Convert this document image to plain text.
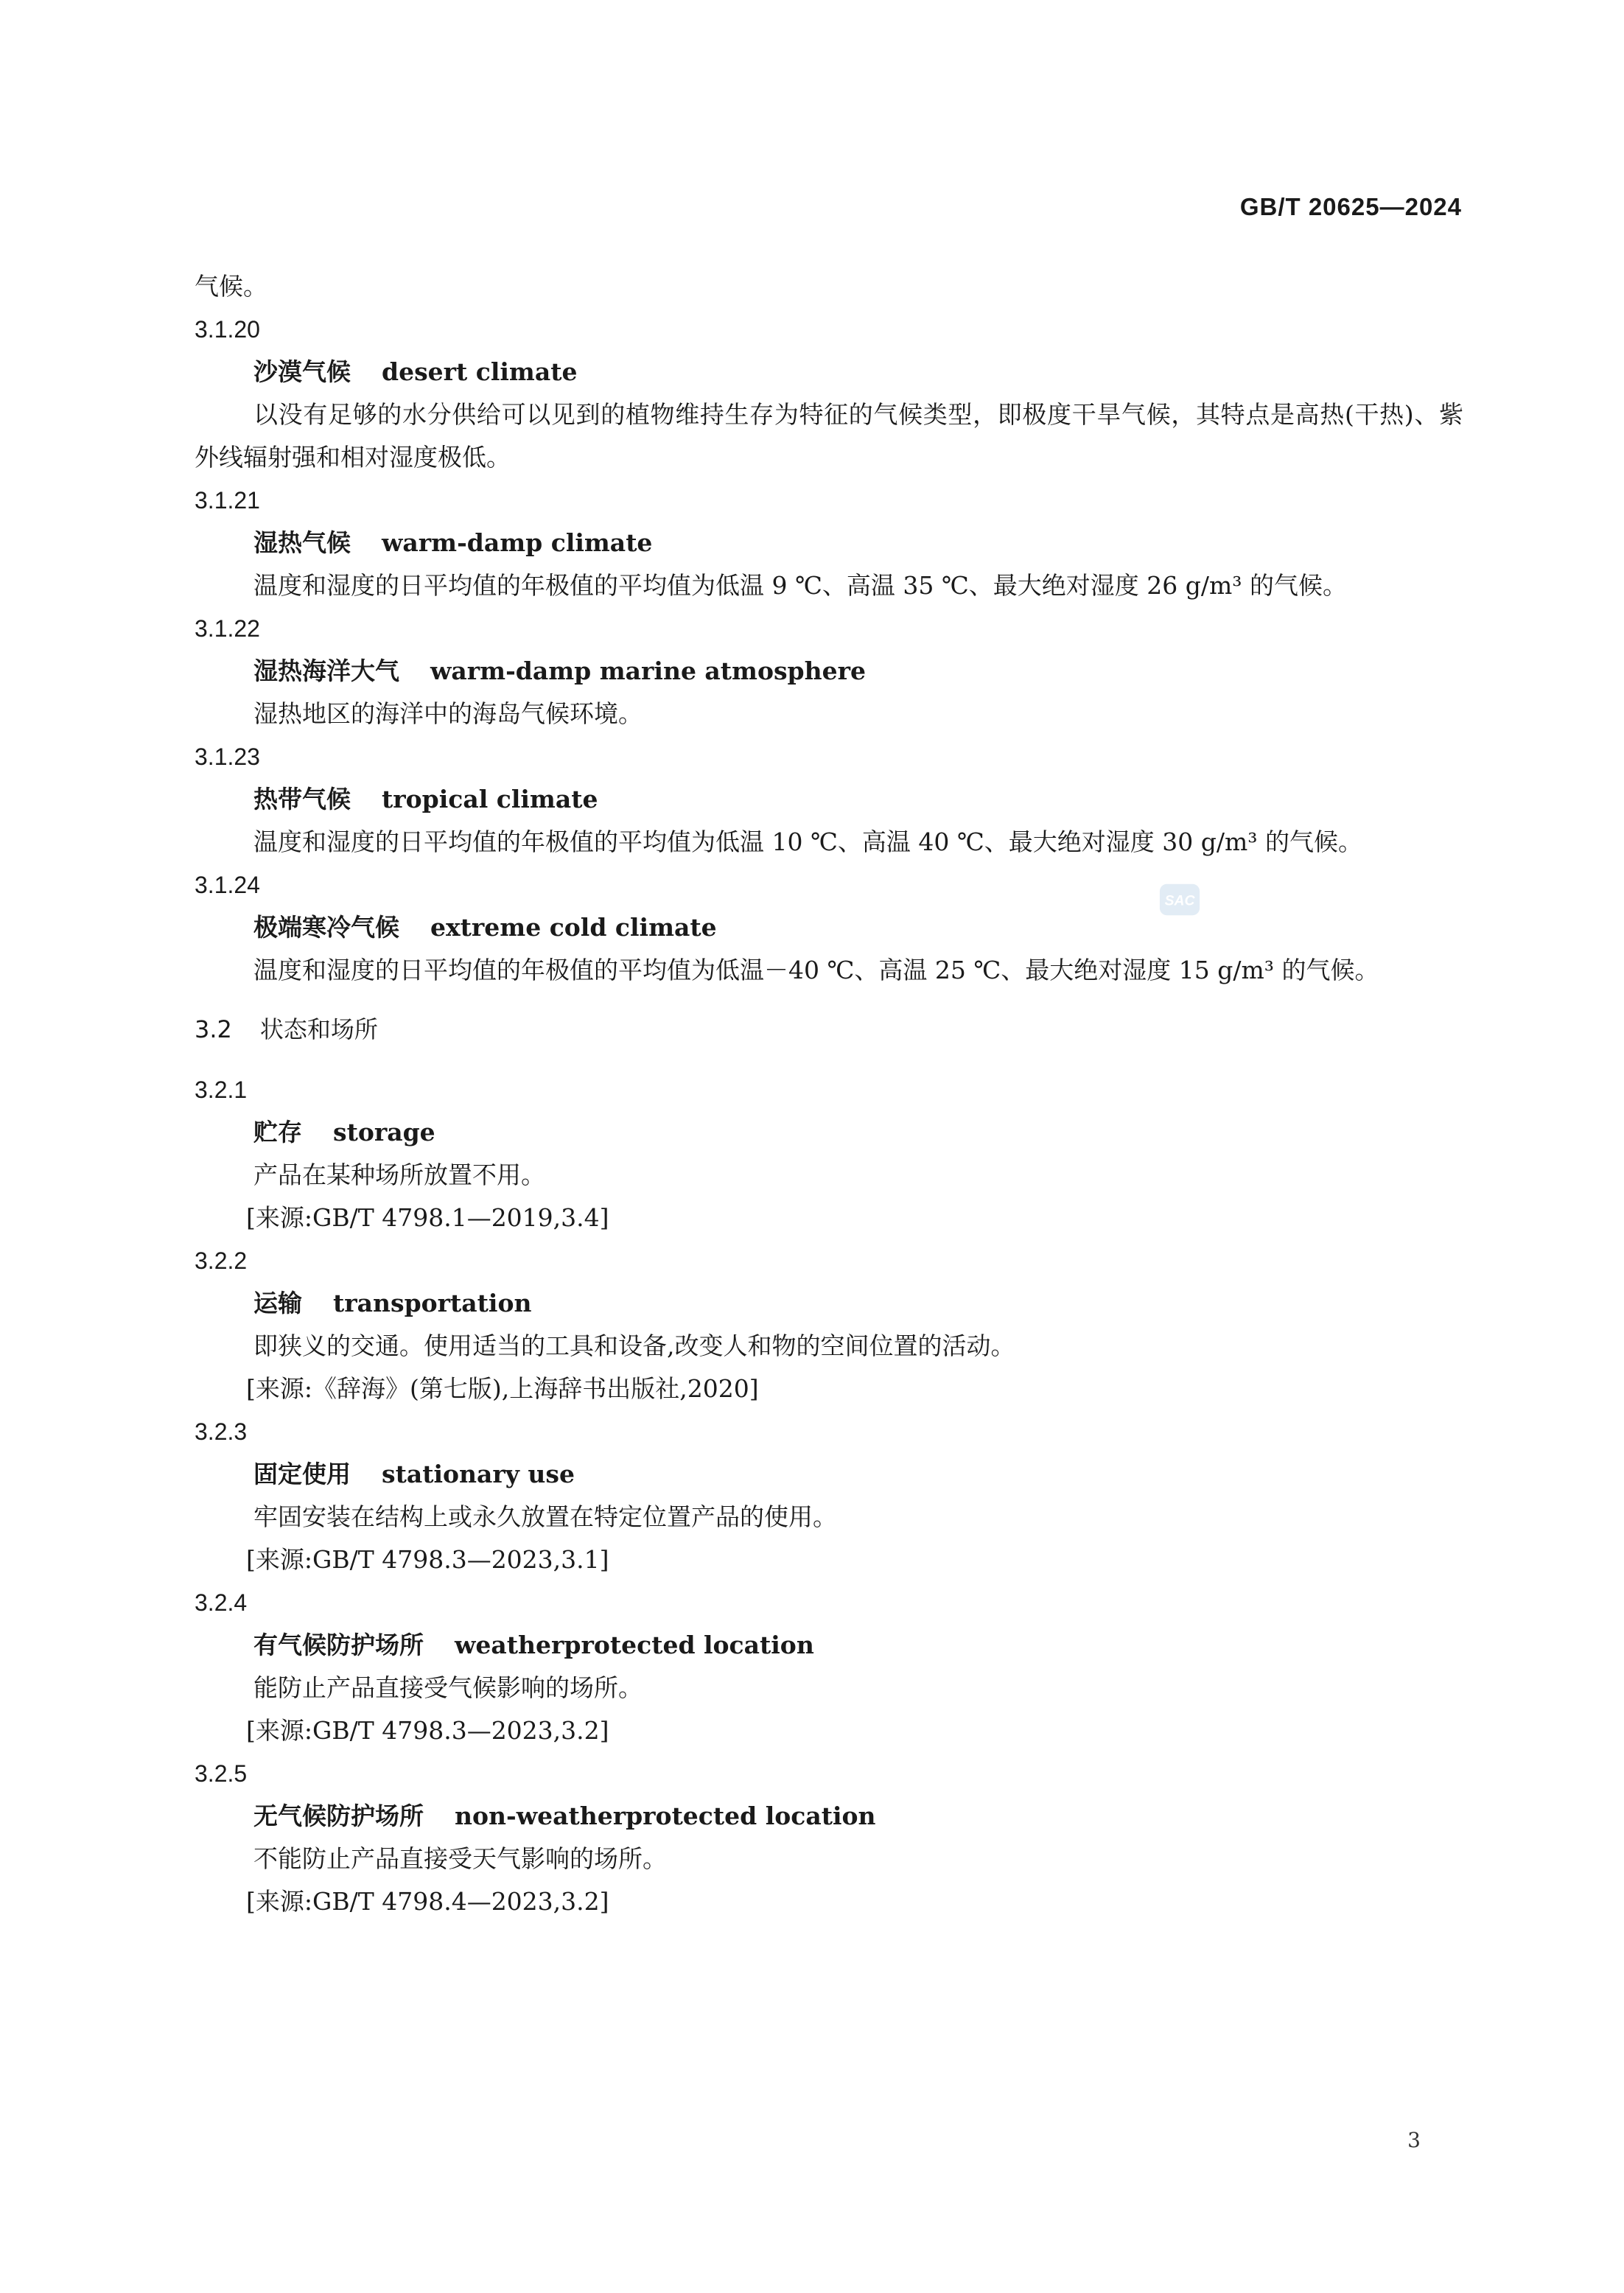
GB/T 20625—2024
气候。
3.1.20
沙漠气候 desert climate
以没有足够的水分供给可以见到的植物维持生存为特征的气候类型，即极度干旱气候，其特点是高热(干热)、紫外线辐射强和相对湿度极低。
3.1.21
湿热气候 warm-damp climate
温度和湿度的日平均值的年极值的平均值为低温 9 ℃、高温 35 ℃、最大绝对湿度 26 g/m³ 的气候。
3.1.22
湿热海洋大气 warm-damp marine atmosphere
湿热地区的海洋中的海岛气候环境。
3.1.23
热带气候 tropical climate
温度和湿度的日平均值的年极值的平均值为低温 10 ℃、高温 40 ℃、最大绝对湿度 30 g/m³ 的气候。
3.1.24
极端寒冷气候 extreme cold climate
温度和湿度的日平均值的年极值的平均值为低温－40 ℃、高温 25 ℃、最大绝对湿度 15 g/m³ 的气候。
3.2 状态和场所
3.2.1
贮存 storage
产品在某种场所放置不用。
[来源:GB/T 4798.1—2019,3.4]
3.2.2
运输 transportation
即狭义的交通。使用适当的工具和设备,改变人和物的空间位置的活动。
[来源:《辞海》(第七版),上海辞书出版社,2020]
3.2.3
固定使用 stationary use
牢固安装在结构上或永久放置在特定位置产品的使用。
[来源:GB/T 4798.3—2023,3.1]
3.2.4
有气候防护场所 weatherprotected location
能防止产品直接受气候影响的场所。
[来源:GB/T 4798.3—2023,3.2]
3.2.5
无气候防护场所 non-weatherprotected location
不能防止产品直接受天气影响的场所。
[来源:GB/T 4798.4—2023,3.2]
SAC
3
